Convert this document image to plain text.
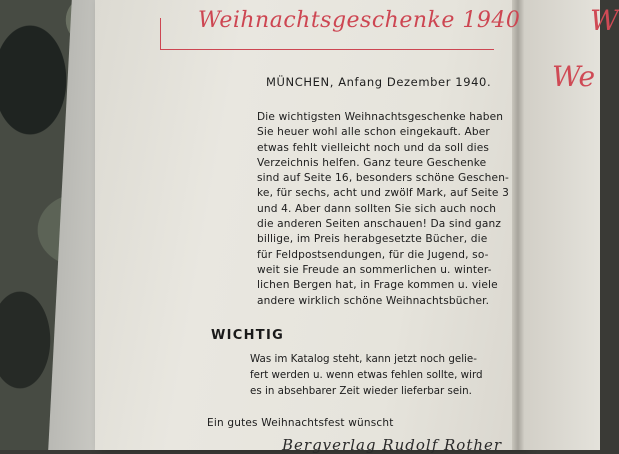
W
We
Weihnachtsgeschenke 1940
MÜNCHEN, Anfang Dezember 1940.
Die wichtigsten Weihnachtsgeschenke haben
Sie heuer wohl alle schon eingekauft. Aber
etwas fehlt vielleicht noch und da soll dies
Verzeichnis helfen. Ganz teure Geschenke
sind auf Seite 16, besonders schöne Geschen-
ke, für sechs, acht und zwölf Mark, auf Seite 3
und 4. Aber dann sollten Sie sich auch noch
die anderen Seiten anschauen! Da sind ganz
billige, im Preis herabgesetzte Bücher, die
für Feldpostsendungen, für die Jugend, so-
weit sie Freude an sommerlichen u. winter-
lichen Bergen hat, in Frage kommen u. viele
andere wirklich schöne Weihnachtsbücher.
WICHTIG
Was im Katalog steht, kann jetzt noch gelie-
fert werden u. wenn etwas fehlen sollte, wird
es in absehbarer Zeit wieder lieferbar sein.
Ein gutes Weihnachtsfest wünscht
Bergverlag Rudolf Rother
